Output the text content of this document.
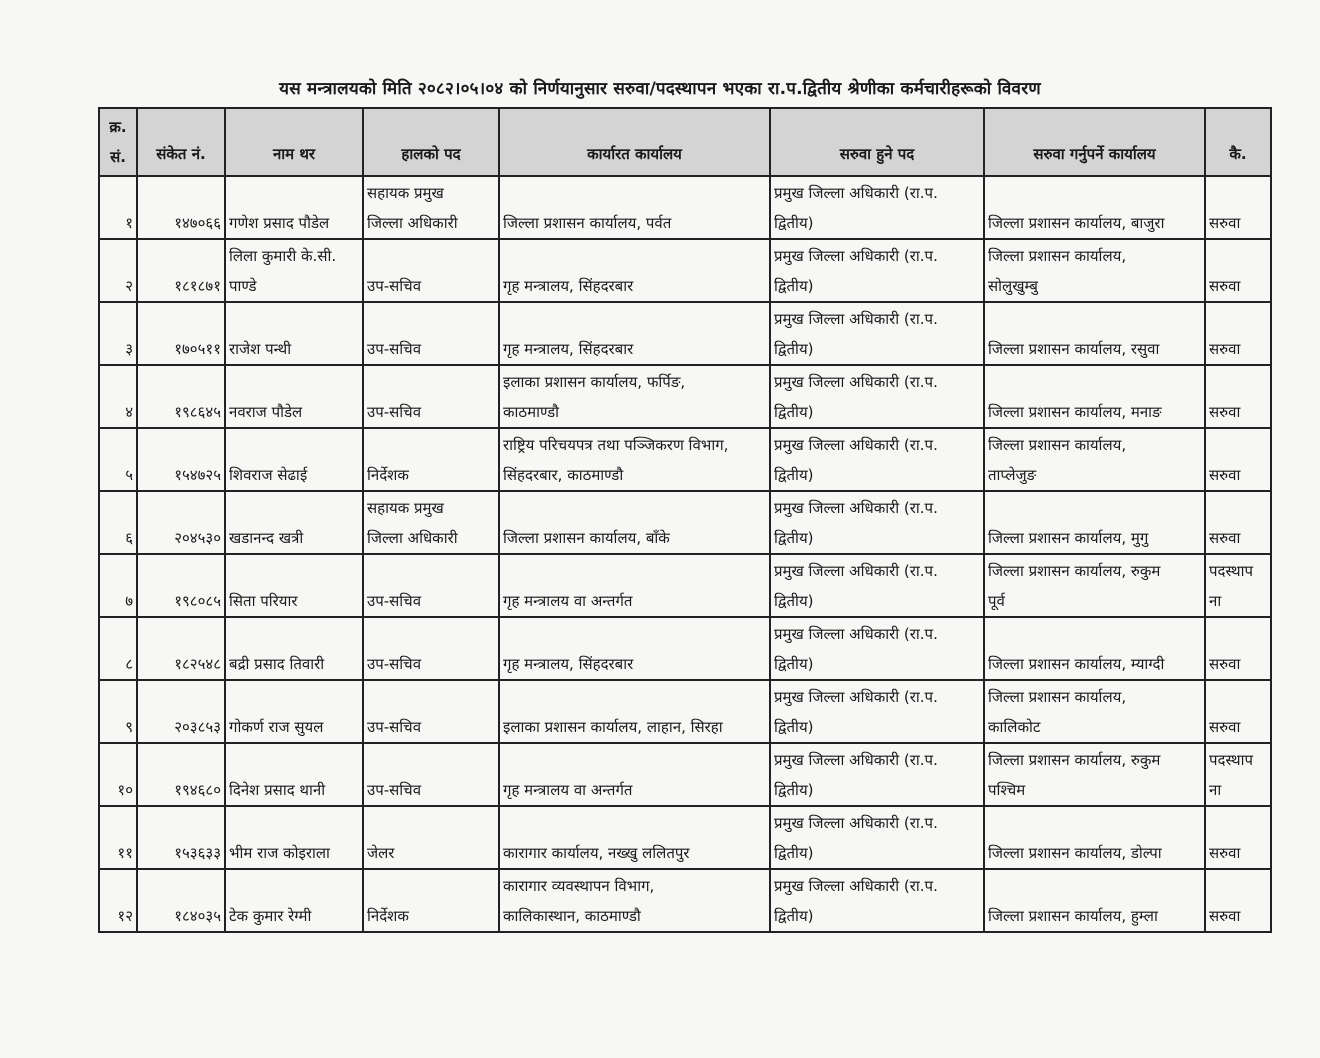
यस मन्त्रालयको मिति २०८२।०५।०४ को निर्णयानुसार सरुवा/पदस्थापन भएका रा.प.द्वितीय श्रेणीका कर्मचारीहरूको विवरण
क्र.
सं.	संकेत नं.	नाम थर	हालको पद	कार्यारत कार्यालय	सरुवा हुने पद	सरुवा गर्नुपर्ने कार्यालय	कै.
१	१४७०६६	गणेश प्रसाद पौडेल	सहायक प्रमुख
जिल्ला अधिकारी	जिल्ला प्रशासन कार्यालय, पर्वत	प्रमुख जिल्ला अधिकारी (रा.प.
द्वितीय)	जिल्ला प्रशासन कार्यालय, बाजुरा	सरुवा

२	१८१८७१	लिला कुमारी के.सी.
पाण्डे	उप-सचिव	गृह मन्त्रालय, सिंहदरबार	प्रमुख जिल्ला अधिकारी (रा.प.
द्वितीय)	जिल्ला प्रशासन कार्यालय,
सोलुखुम्बु	सरुवा

३	१७०५११	राजेश पन्थी	उप-सचिव	गृह मन्त्रालय, सिंहदरबार	प्रमुख जिल्ला अधिकारी (रा.प.
द्वितीय)	जिल्ला प्रशासन कार्यालय, रसुवा	सरुवा

४	१९८६४५	नवराज पौडेल	उप-सचिव	इलाका प्रशासन कार्यालय, फर्पिङ,
काठमाण्डौ	प्रमुख जिल्ला अधिकारी (रा.प.
द्वितीय)	जिल्ला प्रशासन कार्यालय, मनाङ	सरुवा

५	१५४७२५	शिवराज सेढाई	निर्देशक	राष्ट्रिय परिचयपत्र तथा पञ्जिकरण विभाग,
सिंहदरबार, काठमाण्डौ	प्रमुख जिल्ला अधिकारी (रा.प.
द्वितीय)	जिल्ला प्रशासन कार्यालय,
ताप्लेजुङ	सरुवा

६	२०४५३०	खडानन्द खत्री	सहायक प्रमुख
जिल्ला अधिकारी	जिल्ला प्रशासन कार्यालय, बाँके	प्रमुख जिल्ला अधिकारी (रा.प.
द्वितीय)	जिल्ला प्रशासन कार्यालय, मुगु	सरुवा

७	१९८०८५	सिता परियार	उप-सचिव	गृह मन्त्रालय वा अन्तर्गत	प्रमुख जिल्ला अधिकारी (रा.प.
द्वितीय)	जिल्ला प्रशासन कार्यालय, रुकुम
पूर्व	पदस्थाप
ना

८	१८२५४८	बद्री प्रसाद तिवारी	उप-सचिव	गृह मन्त्रालय, सिंहदरबार	प्रमुख जिल्ला अधिकारी (रा.प.
द्वितीय)	जिल्ला प्रशासन कार्यालय, म्याग्दी	सरुवा

९	२०३८५३	गोकर्ण राज सुयल	उप-सचिव	इलाका प्रशासन कार्यालय, लाहान, सिरहा	प्रमुख जिल्ला अधिकारी (रा.प.
द्वितीय)	जिल्ला प्रशासन कार्यालय,
कालिकोट	सरुवा

१०	१९४६८०	दिनेश प्रसाद थानी	उप-सचिव	गृह मन्त्रालय वा अन्तर्गत	प्रमुख जिल्ला अधिकारी (रा.प.
द्वितीय)	जिल्ला प्रशासन कार्यालय, रुकुम
पश्चिम	पदस्थाप
ना

११	१५३६३३	भीम राज कोइराला	जेलर	कारागार कार्यालय, नख्खु ललितपुर	प्रमुख जिल्ला अधिकारी (रा.प.
द्वितीय)	जिल्ला प्रशासन कार्यालय, डोल्पा	सरुवा

१२	१८४०३५	टेक कुमार रेग्मी	निर्देशक	कारागार व्यवस्थापन विभाग,
कालिकास्थान, काठमाण्डौ	प्रमुख जिल्ला अधिकारी (रा.प.
द्वितीय)	जिल्ला प्रशासन कार्यालय, हुम्ला	सरुवा
